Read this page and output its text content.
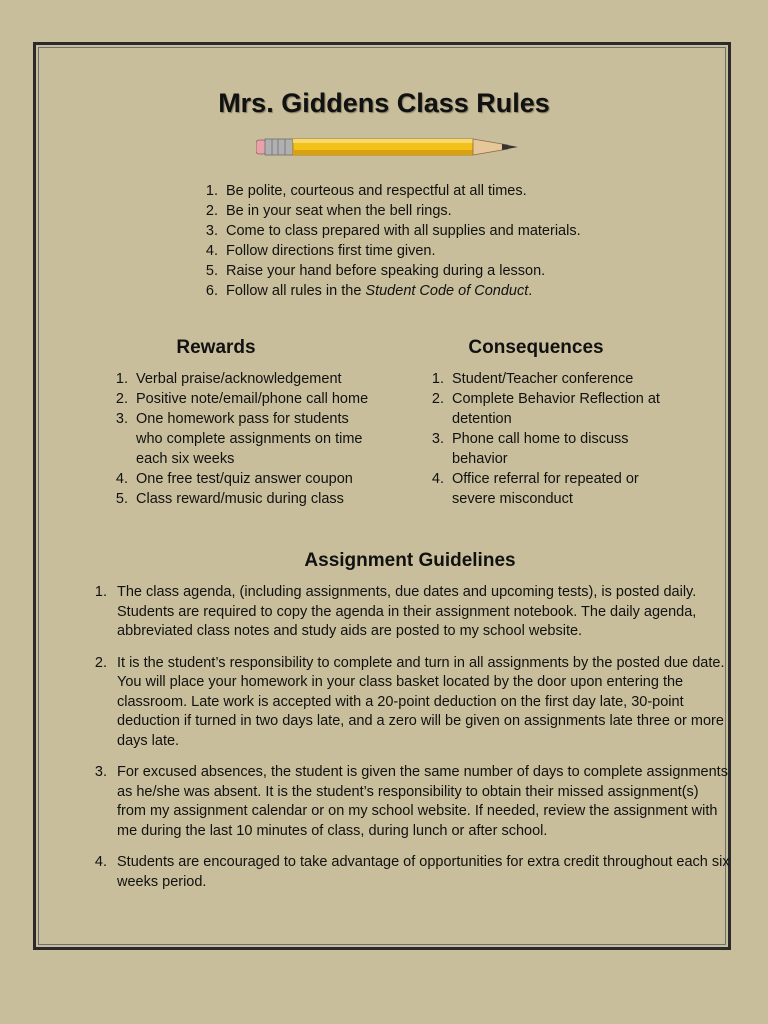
Mrs. Giddens Class Rules
1. Be polite, courteous and respectful at all times.
2. Be in your seat when the bell rings.
3. Come to class prepared with all supplies and materials.
4. Follow directions first time given.
5. Raise your hand before speaking during a lesson.
6. Follow all rules in the Student Code of Conduct.
Rewards
1. Verbal praise/acknowledgement
2. Positive note/email/phone call home
3. One homework pass for students who complete assignments on time each six weeks
4. One free test/quiz answer coupon
5. Class reward/music during class
Consequences
1. Student/Teacher conference
2. Complete Behavior Reflection at detention
3. Phone call home to discuss behavior
4. Office referral for repeated or severe misconduct
Assignment Guidelines
1. The class agenda, (including assignments, due dates and upcoming tests), is posted daily. Students are required to copy the agenda in their assignment notebook. The daily agenda, abbreviated class notes and study aids are posted to my school website.
2. It is the student’s responsibility to complete and turn in all assignments by the posted due date. You will place your homework in your class basket located by the door upon entering the classroom. Late work is accepted with a 20-point deduction on the first day late, 30-point deduction if turned in two days late, and a zero will be given on assignments late three or more days late.
3. For excused absences, the student is given the same number of days to complete assignments as he/she was absent. It is the student’s responsibility to obtain their missed assignment(s) from my assignment calendar or on my school website. If needed, review the assignment with me during the last 10 minutes of class, during lunch or after school.
4. Students are encouraged to take advantage of opportunities for extra credit throughout each six weeks period.
